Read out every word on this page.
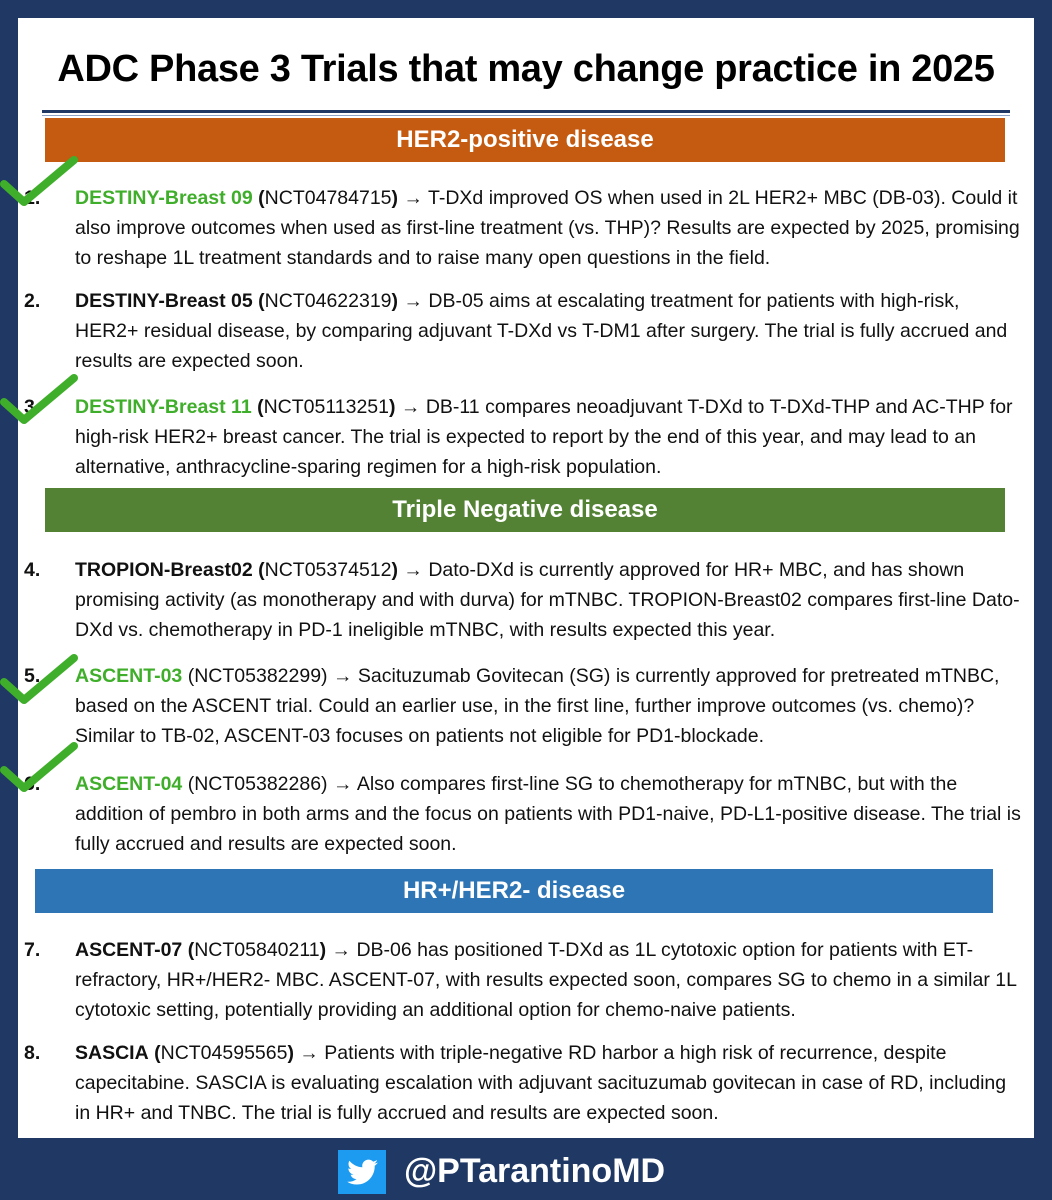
ADC Phase 3 Trials that may change practice in 2025
HER2-positive disease
1.	DESTINY-Breast 09 (NCT04784715) → T-DXd improved OS when used in 2L HER2+ MBC (DB-03). Could it also improve outcomes when used as first-line treatment (vs. THP)? Results are expected by 2025, promising to reshape 1L treatment standards and to raise many open questions in the field.
2.	DESTINY-Breast 05 (NCT04622319) → DB-05 aims at escalating treatment for patients with high-risk, HER2+ residual disease, by comparing adjuvant T-DXd vs T-DM1 after surgery. The trial is fully accrued and results are expected soon.
3.	DESTINY-Breast 11 (NCT05113251) → DB-11 compares neoadjuvant T-DXd to T-DXd-THP and AC-THP for high-risk HER2+ breast cancer. The trial is expected to report by the end of this year, and may lead to an alternative, anthracycline-sparing regimen for a high-risk population.
Triple Negative disease
4.	TROPION-Breast02 (NCT05374512) → Dato-DXd is currently approved for HR+ MBC, and has shown promising activity (as monotherapy and with durva) for mTNBC. TROPION-Breast02 compares first-line Dato-DXd vs. chemotherapy in PD-1 ineligible mTNBC, with results expected this year.
5.	ASCENT-03 (NCT05382299) → Sacituzumab Govitecan (SG) is currently approved for pretreated mTNBC, based on the ASCENT trial. Could an earlier use, in the first line, further improve outcomes (vs. chemo)? Similar to TB-02, ASCENT-03 focuses on patients not eligible for PD1-blockade.
6.	ASCENT-04 (NCT05382286) → Also compares first-line SG to chemotherapy for mTNBC, but with the addition of pembro in both arms and the focus on patients with PD1-naive, PD-L1-positive disease. The trial is fully accrued and results are expected soon.
HR+/HER2- disease
7.	ASCENT-07 (NCT05840211) → DB-06 has positioned T-DXd as 1L cytotoxic option for patients with ET-refractory, HR+/HER2- MBC. ASCENT-07, with results expected soon, compares SG to chemo in a similar 1L cytotoxic setting, potentially providing an additional option for chemo-naive patients.
8.	SASCIA (NCT04595565) → Patients with triple-negative RD harbor a high risk of recurrence, despite capecitabine. SASCIA is evaluating escalation with adjuvant sacituzumab govitecan in case of RD, including in HR+ and TNBC. The trial is fully accrued and results are expected soon.
@PTarantinoMD
